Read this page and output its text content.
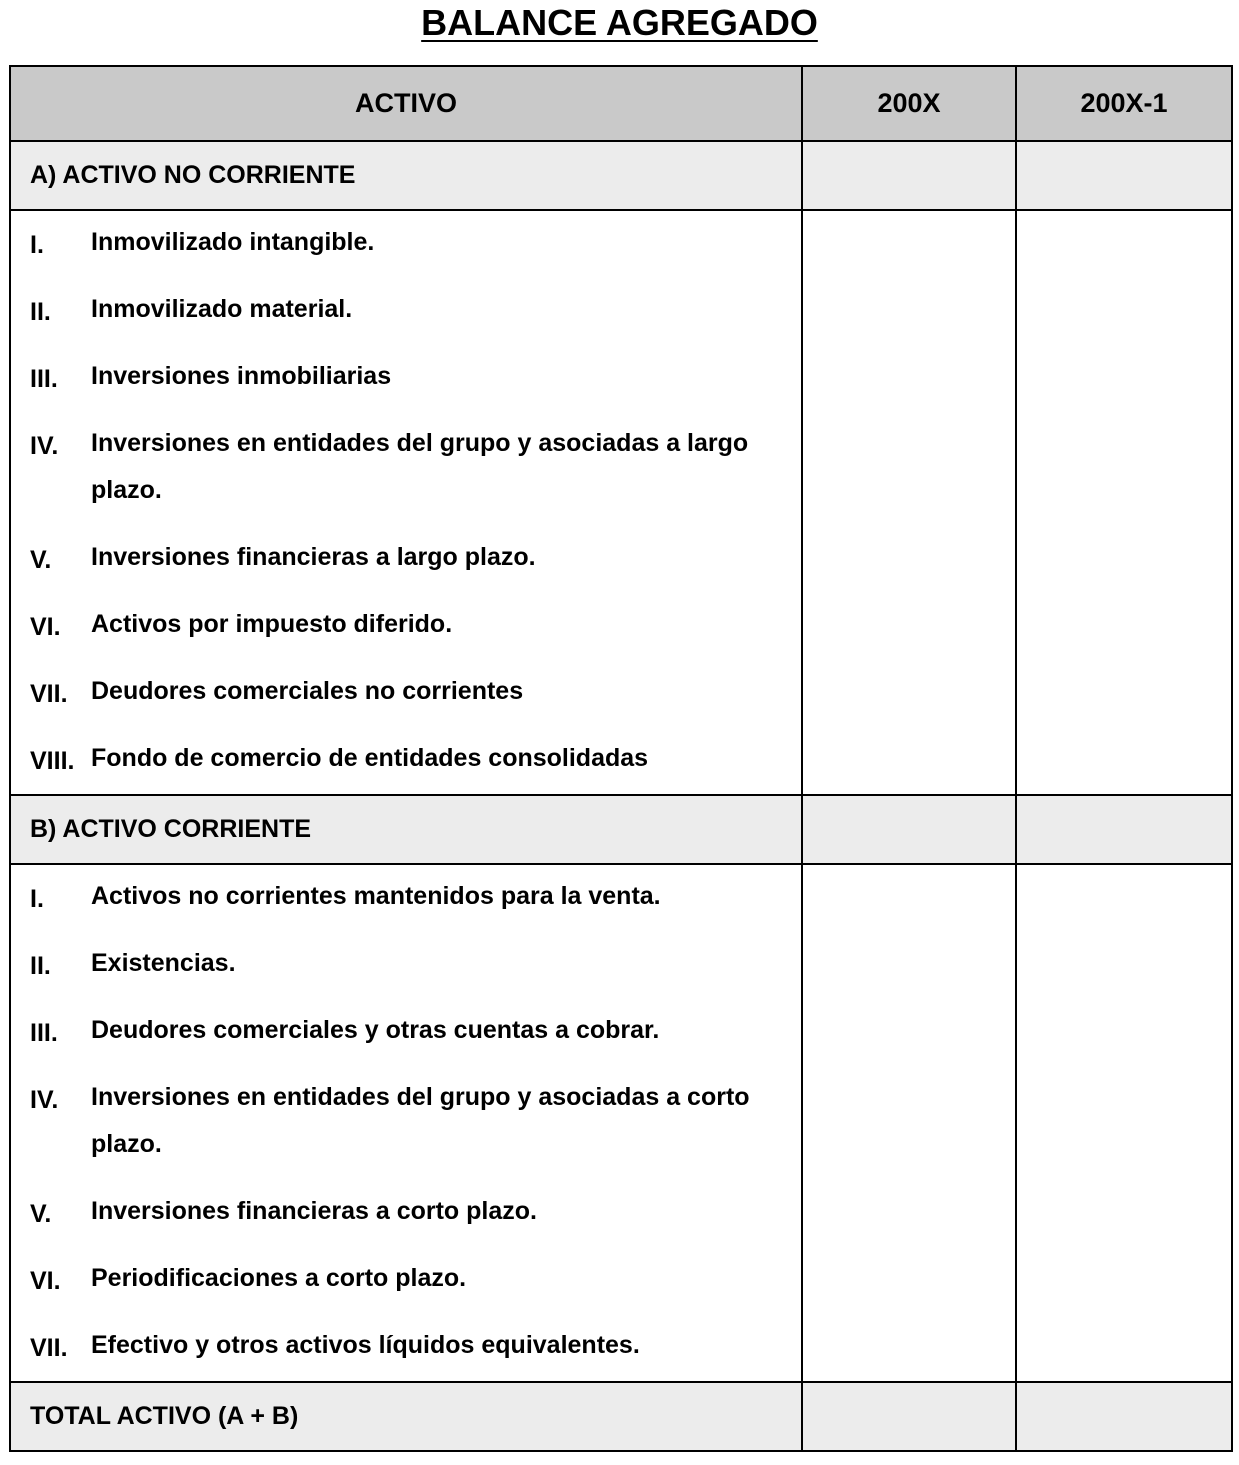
BALANCE AGREGADO
ACTIVO	200X	200X-1
A) ACTIVO NO CORRIENTE		
I. Inmovilizado intangible.		
II. Inmovilizado material.		
III. Inversiones inmobiliarias		
IV. Inversiones en entidades del grupo y asociadas a largo plazo.		
V. Inversiones financieras a largo plazo.		
VI. Activos por impuesto diferido.		
VII. Deudores comerciales no corrientes		
VIII. Fondo de comercio de entidades consolidadas		
B) ACTIVO CORRIENTE		
I. Activos no corrientes mantenidos para la venta.		
II. Existencias.		
III. Deudores comerciales y otras cuentas a cobrar.		
IV. Inversiones en entidades del grupo y asociadas a corto plazo.		
V. Inversiones financieras a corto plazo.		
VI. Periodificaciones a corto plazo.		
VII. Efectivo y otros activos líquidos equivalentes.		
TOTAL ACTIVO (A + B)		
